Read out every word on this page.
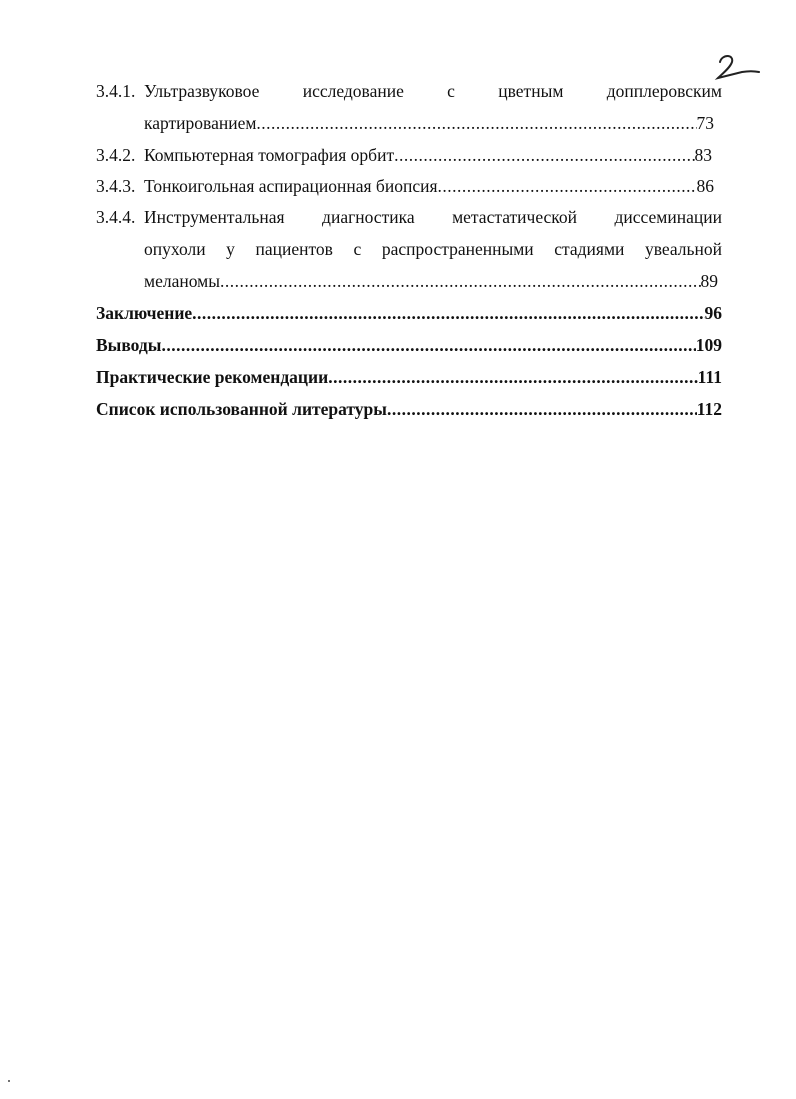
3.4.1. Ультразвуковое исследование с цветным допплеровским
картированием .....	73
3.4.2. Компьютерная томография орбит .....	83
3.4.3. Тонкоигольная аспирационная биопсия .....	86
3.4.4. Инструментальная диагностика метастатической диссеминации
опухоли у пациентов с распространенными стадиями увеальной
меланомы .....	89
Заключение .....	96
Выводы .....	109
Практические рекомендации .....	111
Список использованной литературы .....	112
